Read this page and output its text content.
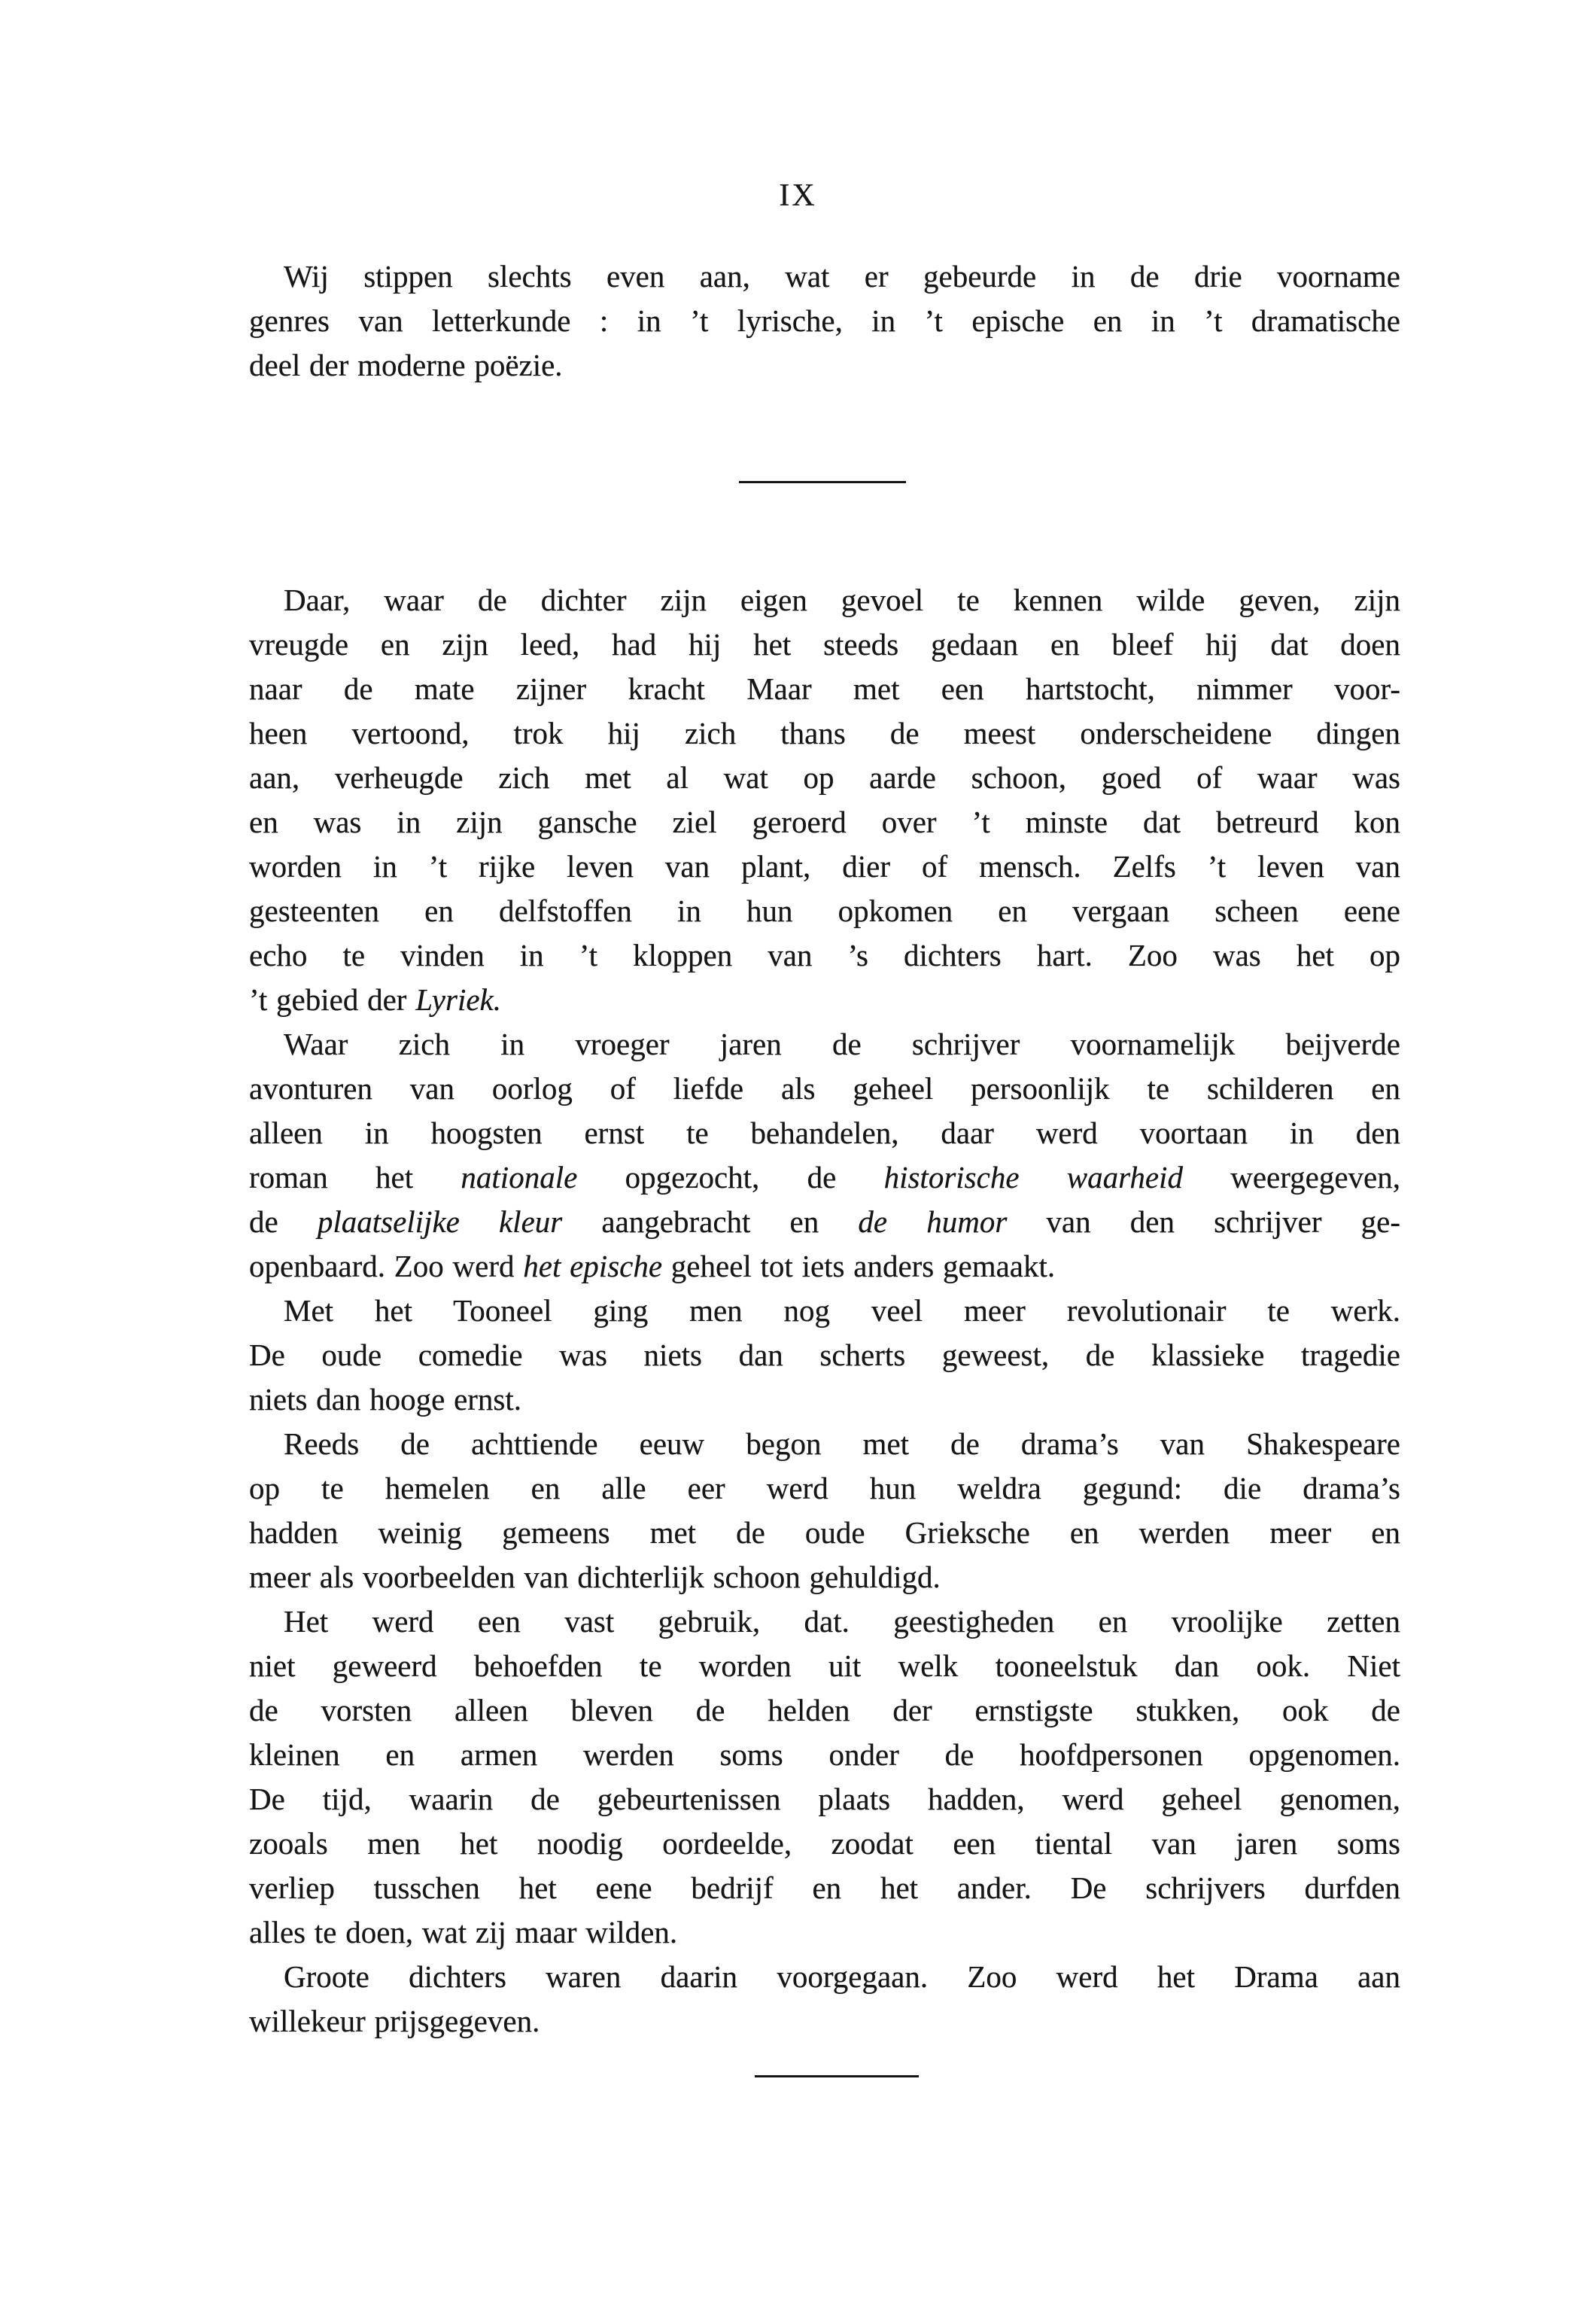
IX
Wij stippen slechts even aan, wat er gebeurde in de drie voorname
genres van letterkunde : in ’t lyrische, in ’t epische en in ’t dramatische
deel der moderne poëzie.
Daar, waar de dichter zijn eigen gevoel te kennen wilde geven, zijn
vreugde en zijn leed, had hij het steeds gedaan en bleef hij dat doen
naar de mate zijner kracht Maar met een hartstocht, nimmer voor-
heen vertoond, trok hij zich thans de meest onderscheidene dingen
aan, verheugde zich met al wat op aarde schoon, goed of waar was
en was in zijn gansche ziel geroerd over ’t minste dat betreurd kon
worden in ’t rijke leven van plant, dier of mensch. Zelfs ’t leven van
gesteenten en delfstoffen in hun opkomen en vergaan scheen eene
echo te vinden in ’t kloppen van ’s dichters hart. Zoo was het op
’t gebied der Lyriek.
Waar zich in vroeger jaren de schrijver voornamelijk beijverde
avonturen van oorlog of liefde als geheel persoonlijk te schilderen en
alleen in hoogsten ernst te behandelen, daar werd voortaan in den
roman het nationale opgezocht, de historische waarheid weergegeven,
de plaatselijke kleur aangebracht en de humor van den schrijver ge-
openbaard. Zoo werd het epische geheel tot iets anders gemaakt.
Met het Tooneel ging men nog veel meer revolutionair te werk.
De oude comedie was niets dan scherts geweest, de klassieke tragedie
niets dan hooge ernst.
Reeds de achttiende eeuw begon met de drama’s van Shakespeare
op te hemelen en alle eer werd hun weldra gegund: die drama’s
hadden weinig gemeens met de oude Grieksche en werden meer en
meer als voorbeelden van dichterlijk schoon gehuldigd.
Het werd een vast gebruik, dat. geestigheden en vroolijke zetten
niet geweerd behoefden te worden uit welk tooneelstuk dan ook. Niet
de vorsten alleen bleven de helden der ernstigste stukken, ook de
kleinen en armen werden soms onder de hoofdpersonen opgenomen.
De tijd, waarin de gebeurtenissen plaats hadden, werd geheel genomen,
zooals men het noodig oordeelde, zoodat een tiental van jaren soms
verliep tusschen het eene bedrijf en het ander. De schrijvers durfden
alles te doen, wat zij maar wilden.
Groote dichters waren daarin voorgegaan. Zoo werd het Drama aan
willekeur prijsgegeven.
